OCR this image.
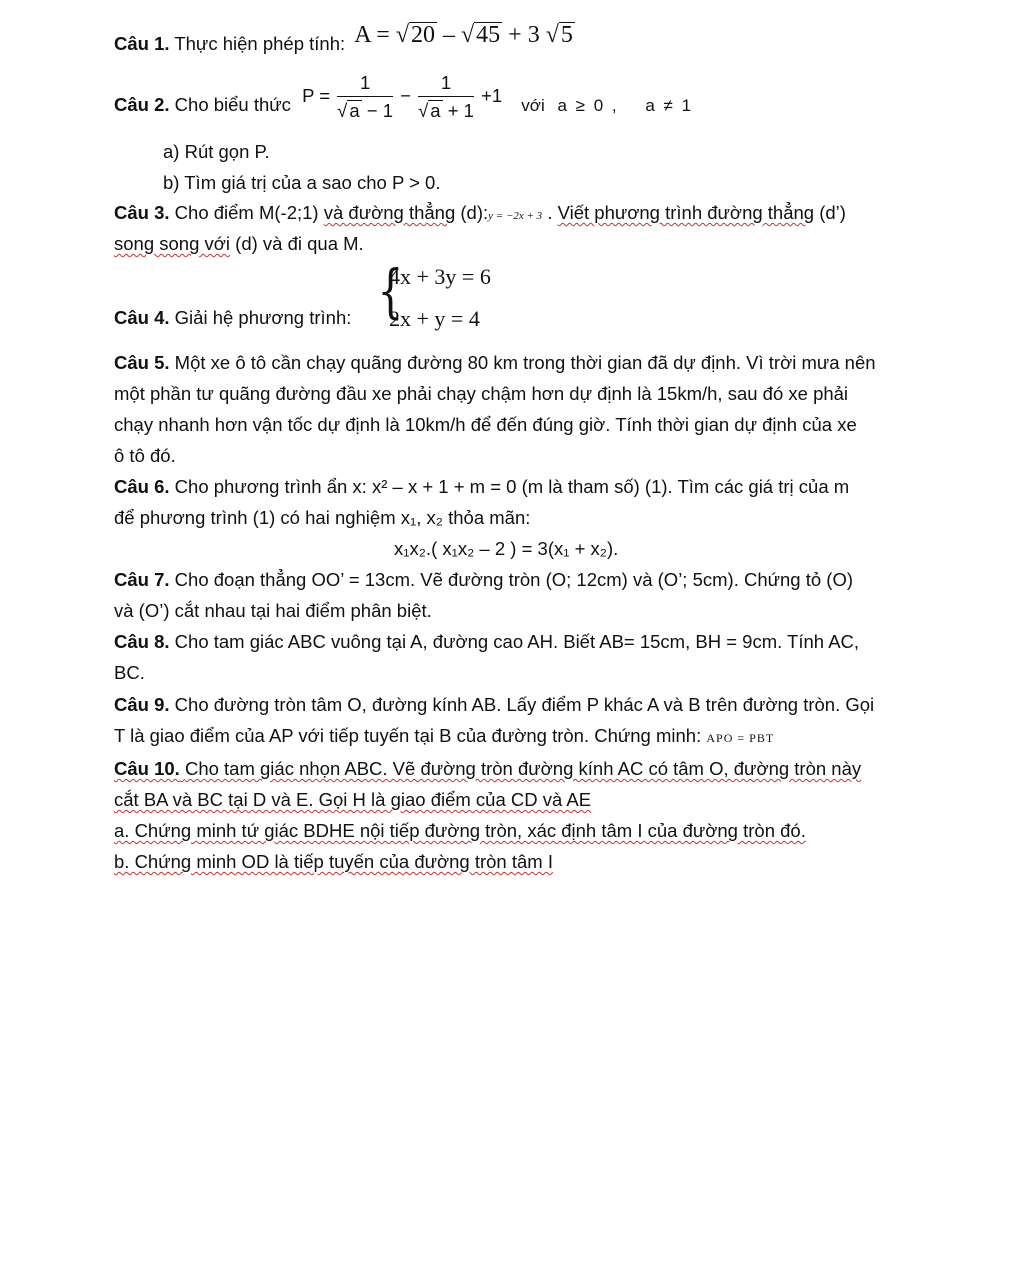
Câu 1. Thực hiện phép tính: A = √20 – √45 + 3 √5
Câu 2. Cho biểu thức $P = \frac{1}{√ a - 1} - \frac{1}{√ a + 1} +1$ với a ≥ 0 , a ≠ 1
a) Rút gọn P.
b) Tìm giá trị của a sao cho P > 0.
Câu 3. Cho điểm M(-2;1) và đường thẳng (d):y = −2x + 3 . Viết phương trình đường thẳng (d’)
song song với (d) và đi qua M.
Câu 4. Giải hệ phương trình: {
4x + 3y = 6
2x + y = 4
Câu 5. Một xe ô tô cần chạy quãng đường 80 km trong thời gian đã dự định. Vì trời mưa nên
một phần tư quãng đường đầu xe phải chạy chậm hơn dự định là 15km/h, sau đó xe phải
chạy nhanh hơn vận tốc dự định là 10km/h để đến đúng giờ. Tính thời gian dự định của xe
ô tô đó.
Câu 6. Cho phương trình ẩn x: x² – x + 1 + m = 0 (m là tham số) (1). Tìm các giá trị của m
để phương trình (1) có hai nghiệm x₁, x₂ thỏa mãn:
x₁x₂.( x₁x₂ – 2 ) = 3(x₁ + x₂).
Câu 7. Cho đoạn thẳng OO’ = 13cm. Vẽ đường tròn (O; 12cm) và (O’; 5cm). Chứng tỏ (O)
và (O’) cắt nhau tại hai điểm phân biệt.
Câu 8. Cho tam giác ABC vuông tại A, đường cao AH. Biết AB= 15cm, BH = 9cm. Tính AC,
BC.
Câu 9. Cho đường tròn tâm O, đường kính AB. Lấy điểm P khác A và B trên đường tròn. Gọi
T là giao điểm của AP với tiếp tuyến tại B của đường tròn. Chứng minh: APO = PBT
Câu 10. Cho tam giác nhọn ABC. Vẽ đường tròn đường kính AC có tâm O, đường tròn này
cắt BA và BC tại D và E. Gọi H là giao điểm của CD và AE
a. Chứng minh tứ giác BDHE nội tiếp đường tròn, xác định tâm I của đường tròn đó.
b. Chứng minh OD là tiếp tuyến của đường tròn tâm I
